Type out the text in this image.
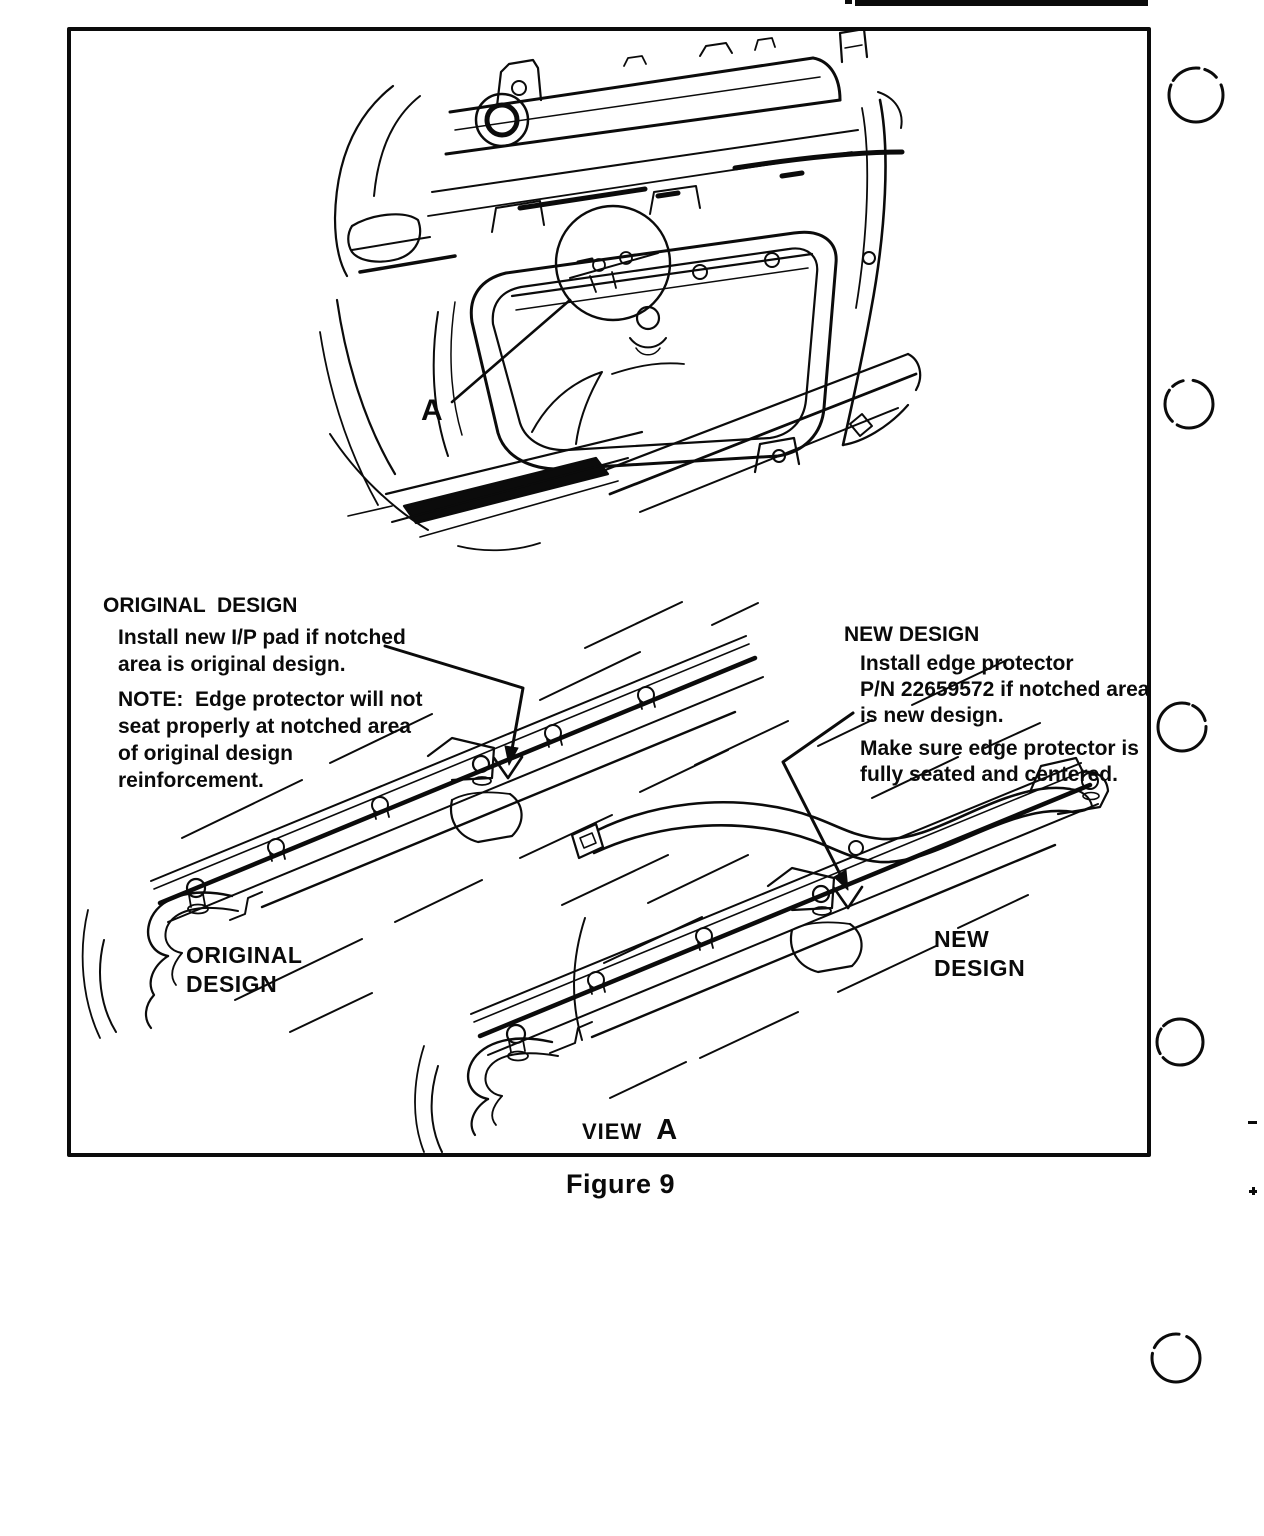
ORIGINAL  DESIGN
Install new I/P pad if notched
area is original design.
NOTE:  Edge protector will not
seat properly at notched area
of original design
reinforcement.
NEW DESIGN
Install edge protector
P/N 22659572 if notched area
is new design.
Make sure edge protector is
fully seated and centered.
ORIGINAL
DESIGN
NEW
DESIGN
A
VIEW A
Figure 9
